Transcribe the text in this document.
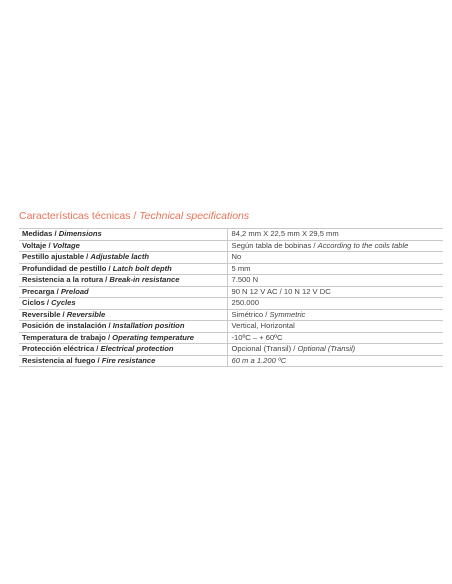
Características técnicas / Technical specifications
Medidas / Dimensions	84,2 mm X 22,5 mm X 29,5 mm
Voltaje / Voltage	Según tabla de bobinas / According to the coils table
Pestillo ajustable / Adjustable lacth	No
Profundidad de pestillo / Latch bolt depth	5 mm
Resistencia a la rotura / Break-in resistance	7.500 N
Precarga / Preload	90 N 12 V AC / 10 N 12 V DC
Ciclos / Cycles	250.000
Reversible / Reversible	Simétrico / Symmetric
Posición de instalación / Installation position	Vertical, Horizontal
Temperatura de trabajo / Operating temperature	-10ºC – + 60ºC
Protección eléctrica / Electrical protection	Opcional (Transil) / Optional (Transil)
Resistencia al fuego / Fire resistance	60 m a 1.200 ºC
